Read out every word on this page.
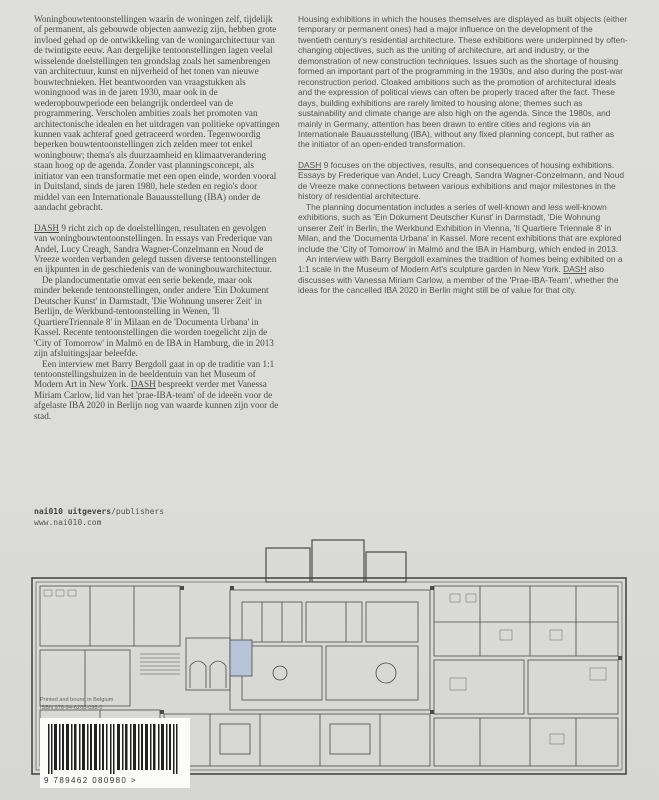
Woningbouwtentoonstellingen waarin de woningen zelf, tijdelijk of permanent, als gebouwde objecten aanwezig zijn, hebben grote invloed gehad op de ontwikkeling van de woningarchitectuur van de twintigste eeuw. Aan dergelijke tentoonstellingen lagen veelal wisselende doelstellingen ten grondslag zoals het samenbrengen van architectuur, kunst en nijverheid of het tonen van nieuwe bouwtechnieken. Het beantwoorden van vraagstukken als woningnood was in de jaren 1930, maar ook in de wederopbouwperiode een belangrijk onderdeel van de programmering. Verscholen ambities zoals het promoten van architectonische idealen en het uitdragen van politieke opvattingen kunnen vaak achteraf goed getraceerd worden. Tegenwoordig beperken bouwtentoonstellingen zich zelden meer tot enkel woningbouw; thema's als duurzaamheid en klimaatverandering staan hoog op de agenda. Zonder vast planningsconcept, als initiator van een transformatie met een open einde, worden vooral in Duitsland, sinds de jaren 1980, hele steden en regio's door middel van een Internationale Bauausstellung (IBA) onder de aandacht gebracht.

DASH 9 richt zich op de doelstellingen, resultaten en gevolgen van woningbouwtentoonstellingen. In essays van Frederique van Andel, Lucy Creagh, Sandra Wagner-Conzelmann en Noud de Vreeze worden verbanden gelegd tussen diverse tentoonstellingen en ijkpunten in de geschiedenis van de woningbouwarchitectuur.

De plandocumentatie omvat een serie bekende, maar ook minder bekende tentoonstellingen, onder andere 'Ein Dokument Deutscher Kunst' in Darmstadt, 'Die Wohnung unserer Zeit' in Berlijn, de Werkbund-tentoonstelling in Wenen, 'Il QuartiereTriennale 8' in Milaan en de 'Documenta Urbana' in Kassel. Recente tentoonstellingen die worden toegelicht zijn de 'City of Tomorrow' in Malmö en de IBA in Hamburg, die in 2013 zijn afsluitingsjaar beleefde.

Een interview met Barry Bergdoll gaat in op de traditie van 1:1 tentoonstellingshuizen in de beeldentuin van het Museum of Modern Art in New York. DASH bespreekt verder met Vanessa Miriam Carlow, lid van het 'prae-IBA-team' of de ideeën voor de afgelaste IBA 2020 in Berlijn nog van waarde kunnen zijn voor de stad.

Housing exhibitions in which the houses themselves are displayed as built objects (either temporary or permanent ones) had a major influence on the development of the twentieth century's residential architecture. These exhibitions were underpinned by often-changing objectives, such as the uniting of architecture, art and industry, or the demonstration of new construction techniques. Issues such as the shortage of housing formed an important part of the programming in the 1930s, and also during the post-war reconstruction period. Cloaked ambitions such as the promotion of architectural ideals and the expression of political views can often be properly traced after the fact. These days, building exhibitions are rarely limited to housing alone; themes such as sustainability and climate change are also high on the agenda. Since the 1980s, and mainly in Germany, attention has been drawn to entire cities and regions via an Internationale Bauausstellung (IBA), without any fixed planning concept, but rather as the initiator of an open-ended transformation.

DASH 9 focuses on the objectives, results, and consequences of housing exhibitions. Essays by Frederique van Andel, Lucy Creagh, Sandra Wagner-Conzelmann, and Noud de Vreeze make connections between various exhibitions and major milestones in the history of residential architecture.

The planning documentation includes a series of well-known and less well-known exhibitions, such as 'Ein Dokument Deutscher Kunst' in Darmstadt, 'Die Wohnung unserer Zeit' in Berlin, the Werkbund Exhibition in Vienna, 'Il Quartiere Triennale 8' in Milan, and the 'Documenta Urbana' in Kassel. More recent exhibitions that are explored include the 'City of Tomorrow' in Malmö and the IBA in Hamburg, which ended in 2013.

An interview with Barry Bergdoll examines the tradition of homes being exhibited on a 1:1 scale in the Museum of Modern Art's sculpture garden in New York. DASH also discusses with Vanessa Miriam Carlow, a member of the 'Prae-IBA-Team', whether the ideas for the cancelled IBA 2020 in Berlin might still be of value for that city.

nai010 uitgevers/publishers
www.nai010.com
Printed and bound in Belgium
ISBN 978-94-6208-098-0
9 789462 080980 >
